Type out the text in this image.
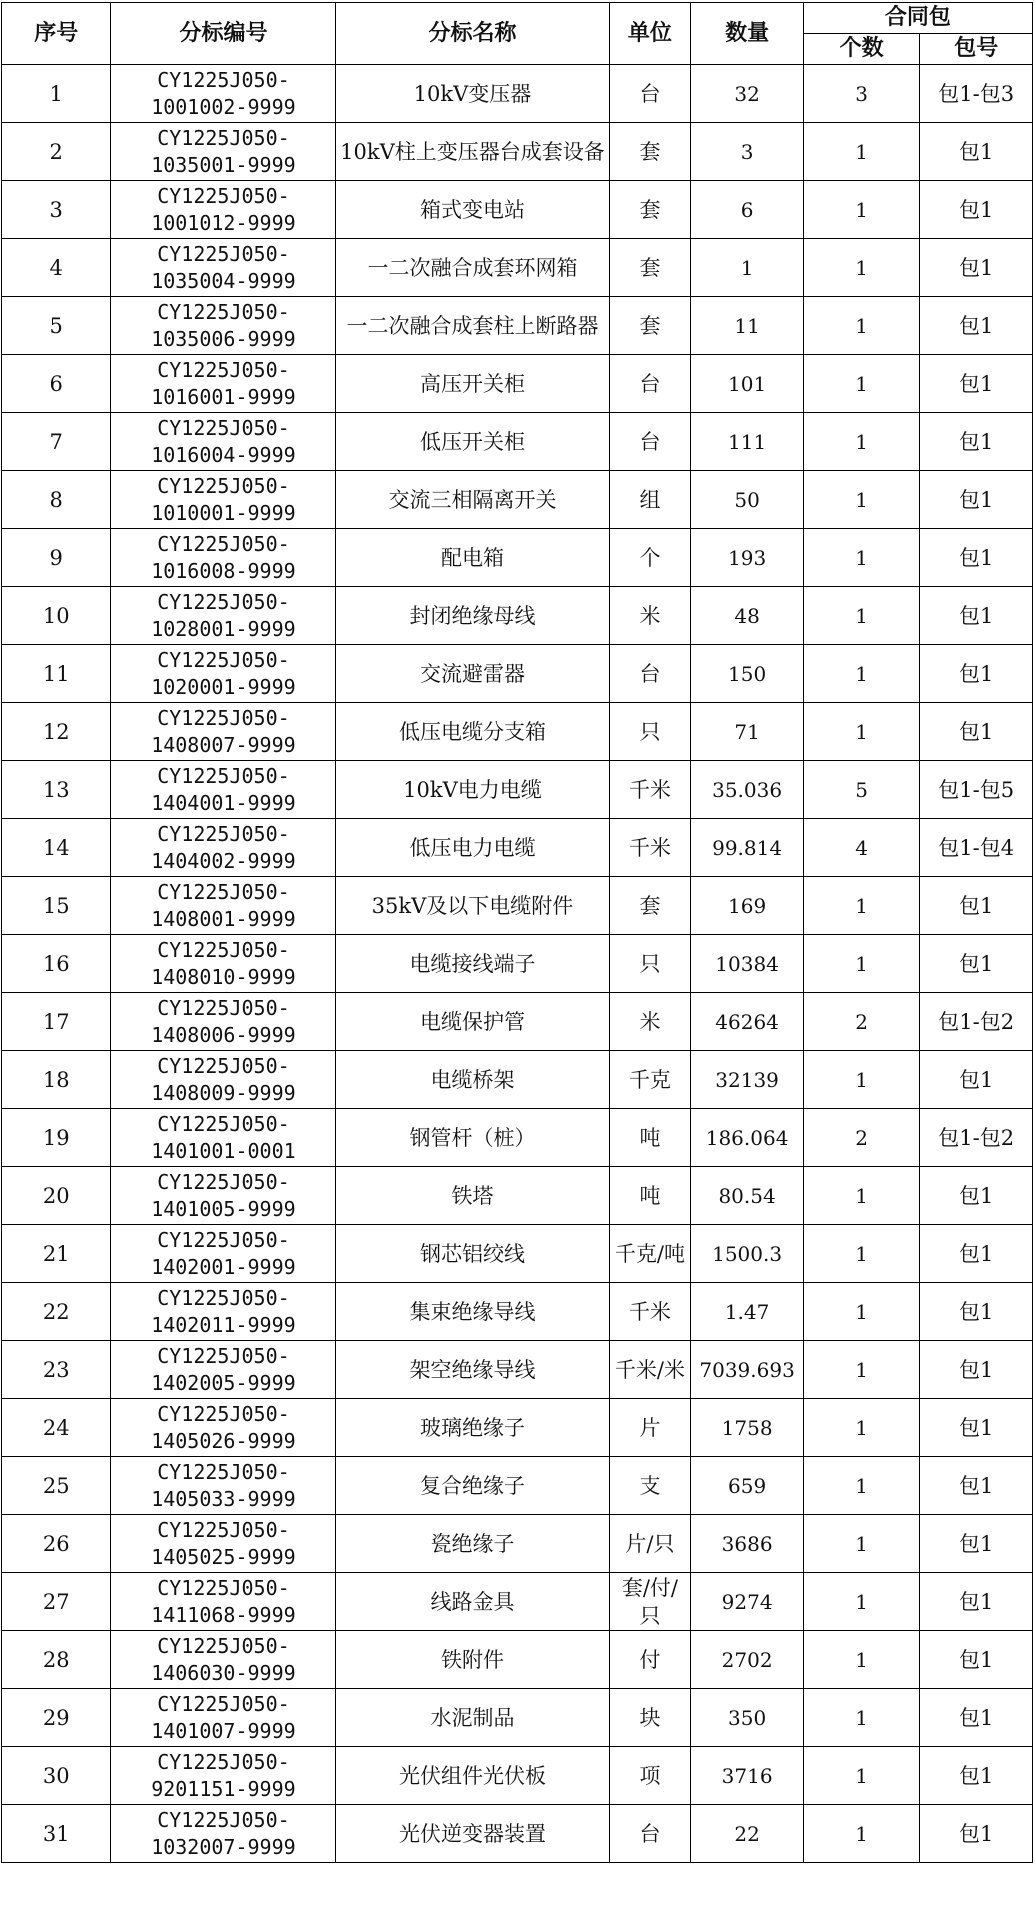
序号	分标编号	分标名称	单位	数量	合同包	
					个数	包号
1	CY1225J050-1001002-9999	10kV变压器	台	32	3	包1-包3
2	CY1225J050-1035001-9999	10kV柱上变压器台成套设备	套	3	1	包1
3	CY1225J050-1001012-9999	箱式变电站	套	6	1	包1
4	CY1225J050-1035004-9999	一二次融合成套环网箱	套	1	1	包1
5	CY1225J050-1035006-9999	一二次融合成套柱上断路器	套	11	1	包1
6	CY1225J050-1016001-9999	高压开关柜	台	101	1	包1
7	CY1225J050-1016004-9999	低压开关柜	台	111	1	包1
8	CY1225J050-1010001-9999	交流三相隔离开关	组	50	1	包1
9	CY1225J050-1016008-9999	配电箱	个	193	1	包1
10	CY1225J050-1028001-9999	封闭绝缘母线	米	48	1	包1
11	CY1225J050-1020001-9999	交流避雷器	台	150	1	包1
12	CY1225J050-1408007-9999	低压电缆分支箱	只	71	1	包1
13	CY1225J050-1404001-9999	10kV电力电缆	千米	35.036	5	包1-包5
14	CY1225J050-1404002-9999	低压电力电缆	千米	99.814	4	包1-包4
15	CY1225J050-1408001-9999	35kV及以下电缆附件	套	169	1	包1
16	CY1225J050-1408010-9999	电缆接线端子	只	10384	1	包1
17	CY1225J050-1408006-9999	电缆保护管	米	46264	2	包1-包2
18	CY1225J050-1408009-9999	电缆桥架	千克	32139	1	包1
19	CY1225J050-1401001-0001	钢管杆（桩）	吨	186.064	2	包1-包2
20	CY1225J050-1401005-9999	铁塔	吨	80.54	1	包1
21	CY1225J050-1402001-9999	钢芯铝绞线	千克/吨	1500.3	1	包1
22	CY1225J050-1402011-9999	集束绝缘导线	千米	1.47	1	包1
23	CY1225J050-1402005-9999	架空绝缘导线	千米/米	7039.693	1	包1
24	CY1225J050-1405026-9999	玻璃绝缘子	片	1758	1	包1
25	CY1225J050-1405033-9999	复合绝缘子	支	659	1	包1
26	CY1225J050-1405025-9999	瓷绝缘子	片/只	3686	1	包1
27	CY1225J050-1411068-9999	线路金具	套/付/只	9274	1	包1
28	CY1225J050-1406030-9999	铁附件	付	2702	1	包1
29	CY1225J050-1401007-9999	水泥制品	块	350	1	包1
30	CY1225J050-9201151-9999	光伏组件光伏板	项	3716	1	包1
31	CY1225J050-1032007-9999	光伏逆变器装置	台	22	1	包1
